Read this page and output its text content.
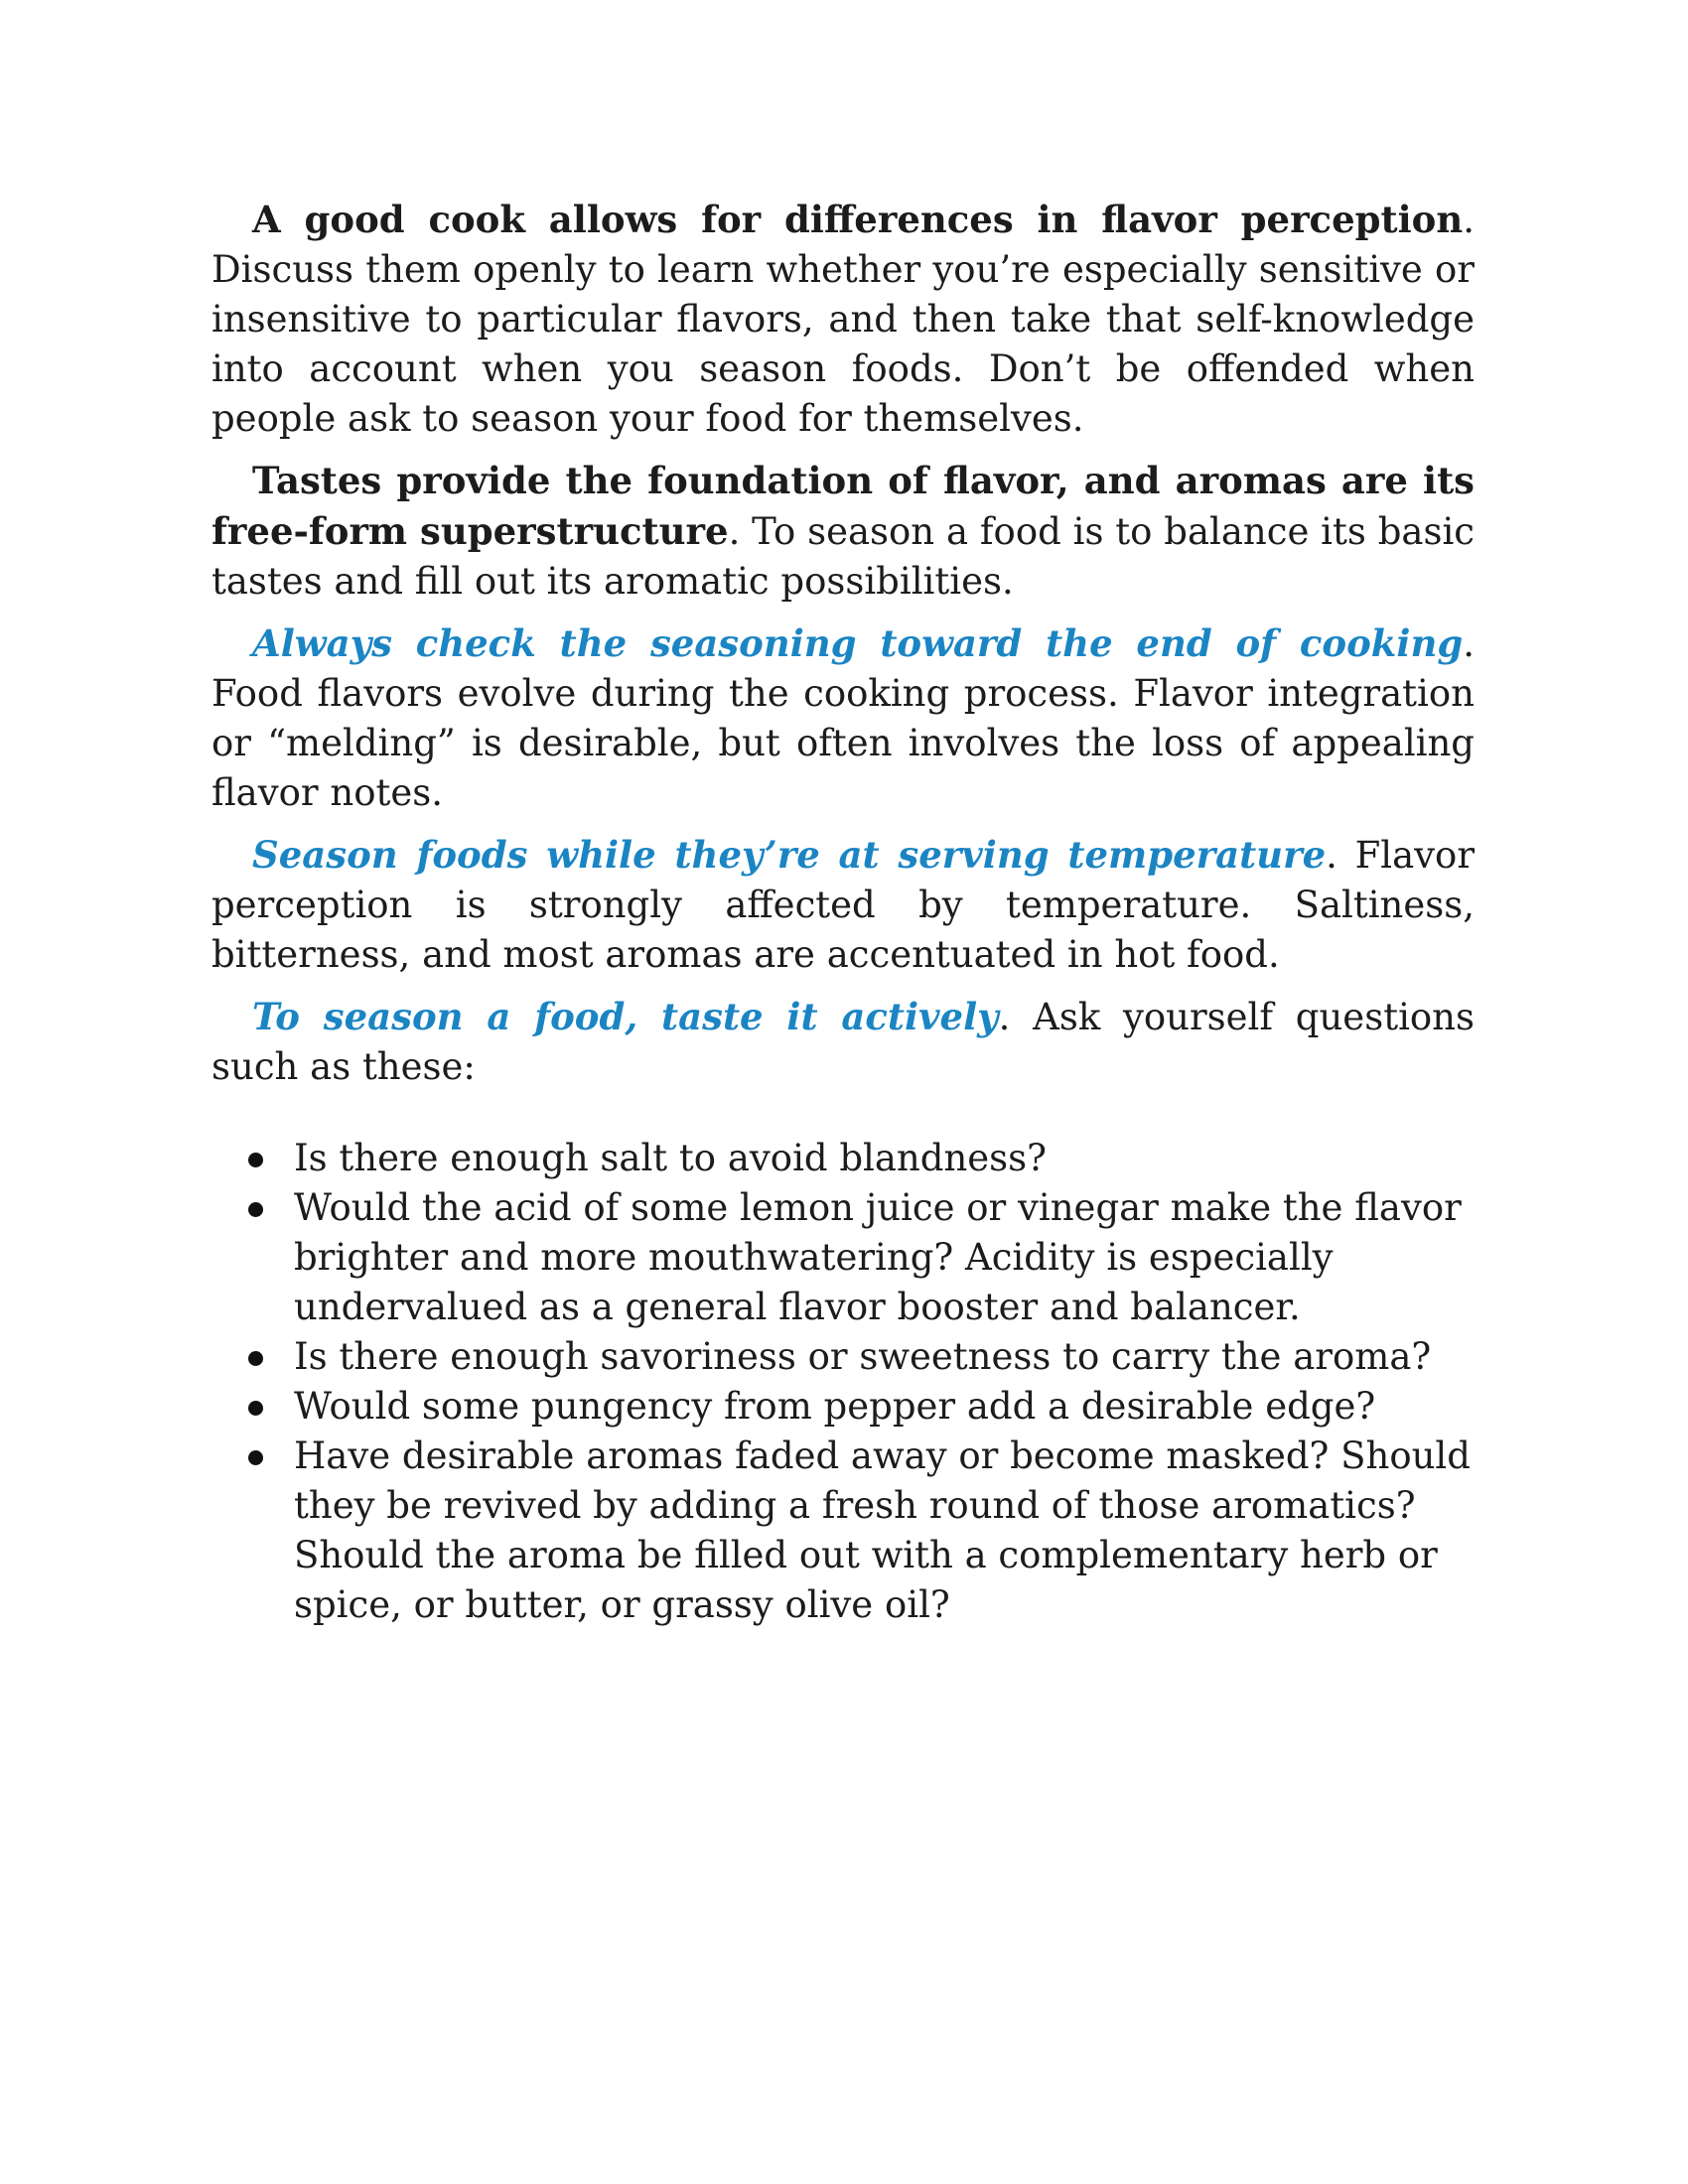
A good cook allows for differences in flavor perception. Discuss them openly to learn whether you’re especially sensitive or insensitive to particular flavors, and then take that self-knowledge into account when you season foods. Don’t be offended when people ask to season your food for themselves.

Tastes provide the foundation of flavor, and aromas are its free-form superstructure. To season a food is to balance its basic tastes and fill out its aromatic possibilities.

Always check the seasoning toward the end of cooking. Food flavors evolve during the cooking process. Flavor integration or “melding” is desirable, but often involves the loss of appealing flavor notes.

Season foods while they’re at serving temperature. Flavor perception is strongly affected by temperature. Saltiness, bitterness, and most aromas are accentuated in hot food.

To season a food, taste it actively. Ask yourself questions such as these:

Is there enough salt to avoid blandness?
Would the acid of some lemon juice or vinegar make the flavor brighter and more mouthwatering? Acidity is especially undervalued as a general flavor booster and balancer.
Is there enough savoriness or sweetness to carry the aroma?
Would some pungency from pepper add a desirable edge?
Have desirable aromas faded away or become masked? Should they be revived by adding a fresh round of those aromatics? Should the aroma be filled out with a complementary herb or spice, or butter, or grassy olive oil?
